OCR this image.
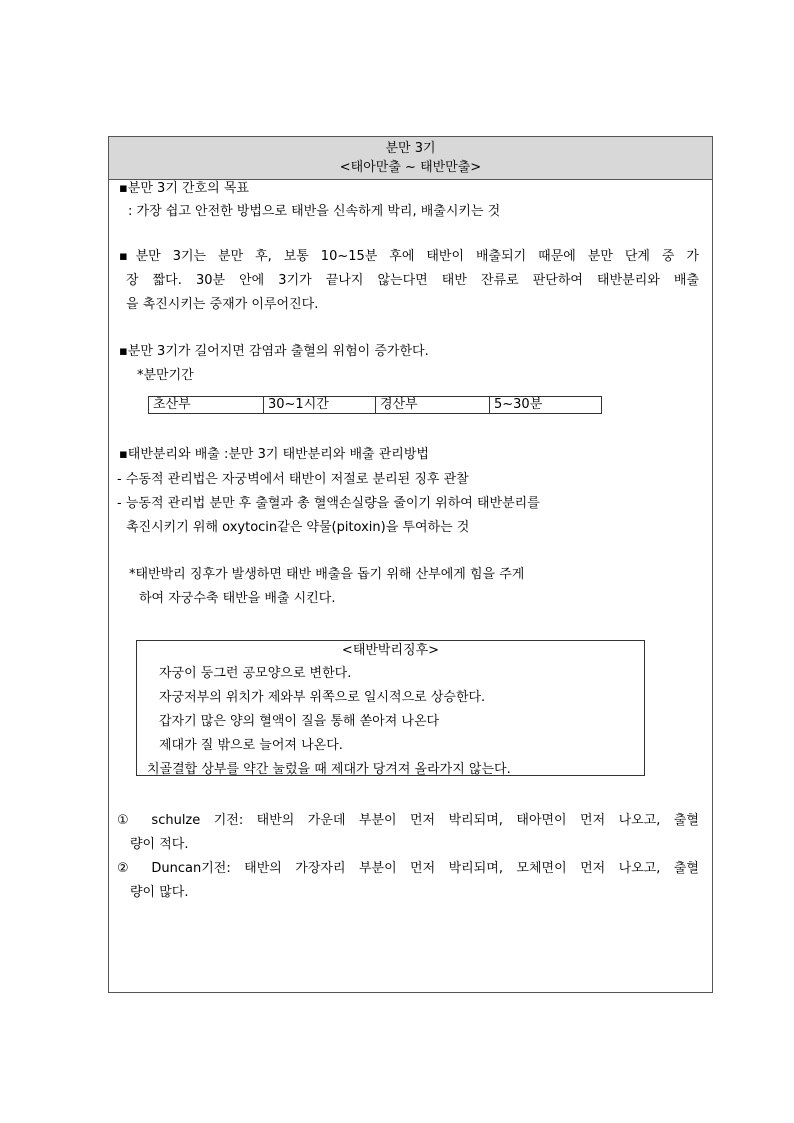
분만 3기
<태아만출 ~ 태반만출>
▪분만 3기 간호의 목표
: 가장 쉽고 안전한 방법으로 태반을 신속하게 박리, 배출시키는 것
▪분만 3기는 분만 후, 보통 10~15분 후에 태반이 배출되기 때문에 분만 단계 중 가
장 짧다. 30분 안에 3기가 끝나지 않는다면 태반 잔류로 판단하여 태반분리와 배출
을 촉진시키는 중재가 이루어진다.
▪분만 3기가 길어지면 감염과 출혈의 위험이 증가한다.
*분만기간
초산부	30~1시간	경산부	5~30분
▪태반분리와 배출 :분만 3기 태반분리와 배출 관리방법
- 수동적 관리법은 자궁벽에서 태반이 저절로 분리된 징후 관찰
- 능동적 관리법 분만 후 출혈과 총 혈액손실량을 줄이기 위하여 태반분리를
촉진시키기 위해 oxytocin같은 약물(pitoxin)을 투여하는 것
*태반박리 징후가 발생하면 태반 배출을 돕기 위해 산부에게 힘을 주게
하여 자궁수축 태반을 배출 시킨다.
<태반박리징후>
자궁이 둥그런 공모양으로 변한다.
자궁저부의 위치가 제와부 위쪽으로 일시적으로 상승한다.
갑자기 많은 양의 혈액이 질을 통해 쏟아져 나온다
제대가 질 밖으로 늘어져 나온다.
치골결합 상부를 약간 눌렀을 때 제대가 당겨져 올라가지 않는다.
① schulze 기전: 태반의 가운데 부분이 먼저 박리되며, 태아면이 먼저 나오고, 출혈
량이 적다.
② Duncan기전: 태반의 가장자리 부분이 먼저 박리되며, 모체면이 먼저 나오고, 출혈
량이 많다.
